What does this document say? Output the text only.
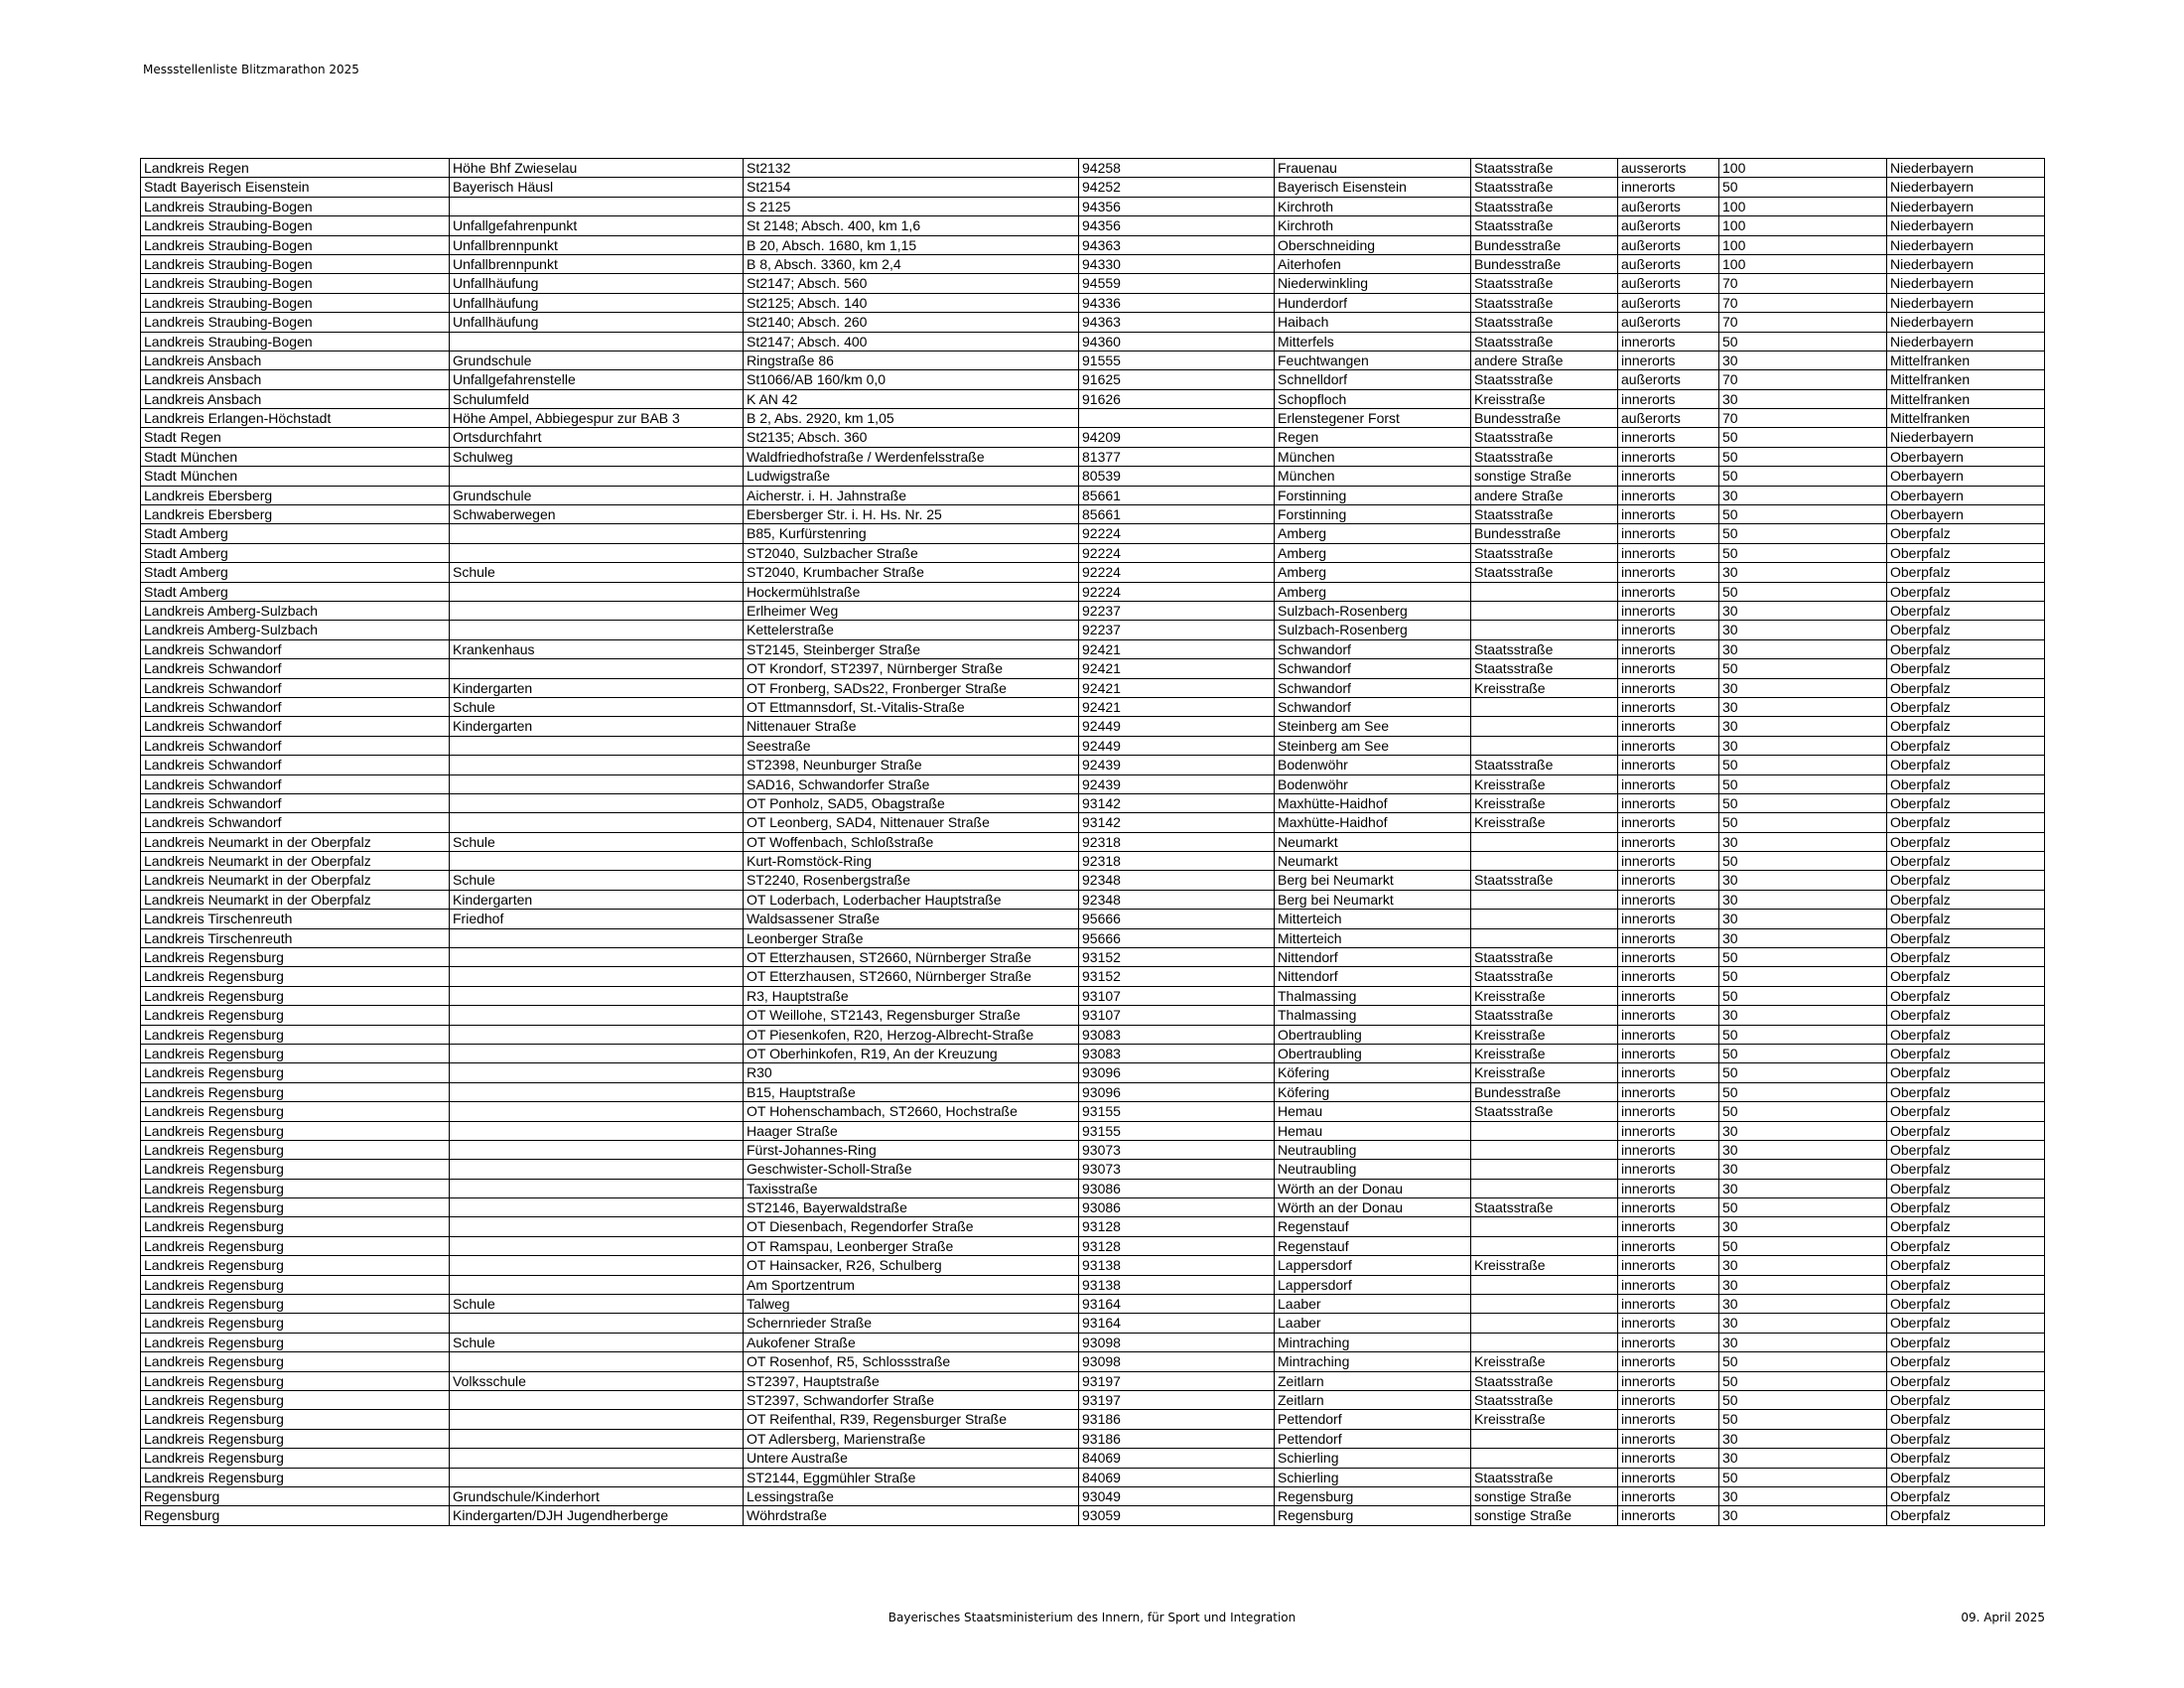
Messstellenliste Blitzmarathon 2025
Landkreis Regen	Höhe Bhf Zwieselau	St2132	94258	Frauenau	Staatsstraße	ausserorts	100	Niederbayern
Stadt Bayerisch Eisenstein	Bayerisch Häusl	St2154	94252	Bayerisch Eisenstein	Staatsstraße	innerorts	50	Niederbayern
Landkreis Straubing-Bogen		S 2125	94356	Kirchroth	Staatsstraße	außerorts	100	Niederbayern
Landkreis Straubing-Bogen	Unfallgefahrenpunkt	St 2148; Absch. 400, km 1,6	94356	Kirchroth	Staatsstraße	außerorts	100	Niederbayern
Landkreis Straubing-Bogen	Unfallbrennpunkt	B 20, Absch. 1680, km 1,15	94363	Oberschneiding	Bundesstraße	außerorts	100	Niederbayern
Landkreis Straubing-Bogen	Unfallbrennpunkt	B 8, Absch. 3360, km 2,4	94330	Aiterhofen	Bundesstraße	außerorts	100	Niederbayern
Landkreis Straubing-Bogen	Unfallhäufung	St2147; Absch. 560	94559	Niederwinkling	Staatsstraße	außerorts	70	Niederbayern
Landkreis Straubing-Bogen	Unfallhäufung	St2125; Absch. 140	94336	Hunderdorf	Staatsstraße	außerorts	70	Niederbayern
Landkreis Straubing-Bogen	Unfallhäufung	St2140; Absch. 260	94363	Haibach	Staatsstraße	außerorts	70	Niederbayern
Landkreis Straubing-Bogen		St2147; Absch. 400	94360	Mitterfels	Staatsstraße	innerorts	50	Niederbayern
Landkreis Ansbach	Grundschule	Ringstraße 86	91555	Feuchtwangen	andere Straße	innerorts	30	Mittelfranken
Landkreis Ansbach	Unfallgefahrenstelle	St1066/AB 160/km 0,0	91625	Schnelldorf	Staatsstraße	außerorts	70	Mittelfranken
Landkreis Ansbach	Schulumfeld	K AN 42	91626	Schopfloch	Kreisstraße	innerorts	30	Mittelfranken
Landkreis Erlangen-Höchstadt	Höhe Ampel, Abbiegespur zur BAB 3	B 2, Abs. 2920, km 1,05		Erlenstegener Forst	Bundesstraße	außerorts	70	Mittelfranken
Stadt Regen	Ortsdurchfahrt	St2135; Absch. 360	94209	Regen	Staatsstraße	innerorts	50	Niederbayern
Stadt München	Schulweg	Waldfriedhofstraße / Werdenfelsstraße	81377	München	Staatsstraße	innerorts	50	Oberbayern
Stadt München		Ludwigstraße	80539	München	sonstige Straße	innerorts	50	Oberbayern
Landkreis Ebersberg	Grundschule	Aicherstr. i. H. Jahnstraße	85661	Forstinning	andere Straße	innerorts	30	Oberbayern
Landkreis Ebersberg	Schwaberwegen	Ebersberger Str. i. H. Hs. Nr. 25	85661	Forstinning	Staatsstraße	innerorts	50	Oberbayern
Stadt Amberg		B85, Kurfürstenring	92224	Amberg	Bundesstraße	innerorts	50	Oberpfalz
Stadt Amberg		ST2040, Sulzbacher Straße	92224	Amberg	Staatsstraße	innerorts	50	Oberpfalz
Stadt Amberg	Schule	ST2040, Krumbacher Straße	92224	Amberg	Staatsstraße	innerorts	30	Oberpfalz
Stadt Amberg		Hockermühlstraße	92224	Amberg		innerorts	50	Oberpfalz
Landkreis Amberg-Sulzbach		Erlheimer Weg	92237	Sulzbach-Rosenberg		innerorts	30	Oberpfalz
Landkreis Amberg-Sulzbach		Kettelerstraße	92237	Sulzbach-Rosenberg		innerorts	30	Oberpfalz
Landkreis Schwandorf	Krankenhaus	ST2145, Steinberger Straße	92421	Schwandorf	Staatsstraße	innerorts	30	Oberpfalz
Landkreis Schwandorf		OT Krondorf, ST2397, Nürnberger Straße	92421	Schwandorf	Staatsstraße	innerorts	50	Oberpfalz
Landkreis Schwandorf	Kindergarten	OT Fronberg, SADs22, Fronberger Straße	92421	Schwandorf	Kreisstraße	innerorts	30	Oberpfalz
Landkreis Schwandorf	Schule	OT Ettmannsdorf, St.-Vitalis-Straße	92421	Schwandorf		innerorts	30	Oberpfalz
Landkreis Schwandorf	Kindergarten	Nittenauer Straße	92449	Steinberg am See		innerorts	30	Oberpfalz
Landkreis Schwandorf		Seestraße	92449	Steinberg am See		innerorts	30	Oberpfalz
Landkreis Schwandorf		ST2398, Neunburger Straße	92439	Bodenwöhr	Staatsstraße	innerorts	50	Oberpfalz
Landkreis Schwandorf		SAD16, Schwandorfer Straße	92439	Bodenwöhr	Kreisstraße	innerorts	50	Oberpfalz
Landkreis Schwandorf		OT Ponholz, SAD5, Obagstraße	93142	Maxhütte-Haidhof	Kreisstraße	innerorts	50	Oberpfalz
Landkreis Schwandorf		OT Leonberg, SAD4, Nittenauer Straße	93142	Maxhütte-Haidhof	Kreisstraße	innerorts	50	Oberpfalz
Landkreis Neumarkt in der Oberpfalz	Schule	OT Woffenbach, Schloßstraße	92318	Neumarkt		innerorts	30	Oberpfalz
Landkreis Neumarkt in der Oberpfalz		Kurt-Romstöck-Ring	92318	Neumarkt		innerorts	50	Oberpfalz
Landkreis Neumarkt in der Oberpfalz	Schule	ST2240, Rosenbergstraße	92348	Berg bei Neumarkt	Staatsstraße	innerorts	30	Oberpfalz
Landkreis Neumarkt in der Oberpfalz	Kindergarten	OT Loderbach, Loderbacher Hauptstraße	92348	Berg bei Neumarkt		innerorts	30	Oberpfalz
Landkreis Tirschenreuth	Friedhof	Waldsassener Straße	95666	Mitterteich		innerorts	30	Oberpfalz
Landkreis Tirschenreuth		Leonberger Straße	95666	Mitterteich		innerorts	30	Oberpfalz
Landkreis Regensburg		OT Etterzhausen, ST2660, Nürnberger Straße	93152	Nittendorf	Staatsstraße	innerorts	50	Oberpfalz
Landkreis Regensburg		OT Etterzhausen, ST2660, Nürnberger Straße	93152	Nittendorf	Staatsstraße	innerorts	50	Oberpfalz
Landkreis Regensburg		R3, Hauptstraße	93107	Thalmassing	Kreisstraße	innerorts	50	Oberpfalz
Landkreis Regensburg		OT Weillohe, ST2143, Regensburger Straße	93107	Thalmassing	Staatsstraße	innerorts	30	Oberpfalz
Landkreis Regensburg		OT Piesenkofen, R20, Herzog-Albrecht-Straße	93083	Obertraubling	Kreisstraße	innerorts	50	Oberpfalz
Landkreis Regensburg		OT Oberhinkofen, R19, An der Kreuzung	93083	Obertraubling	Kreisstraße	innerorts	50	Oberpfalz
Landkreis Regensburg		R30	93096	Köfering	Kreisstraße	innerorts	50	Oberpfalz
Landkreis Regensburg		B15, Hauptstraße	93096	Köfering	Bundesstraße	innerorts	50	Oberpfalz
Landkreis Regensburg		OT Hohenschambach, ST2660, Hochstraße	93155	Hemau	Staatsstraße	innerorts	50	Oberpfalz
Landkreis Regensburg		Haager Straße	93155	Hemau		innerorts	30	Oberpfalz
Landkreis Regensburg		Fürst-Johannes-Ring	93073	Neutraubling		innerorts	30	Oberpfalz
Landkreis Regensburg		Geschwister-Scholl-Straße	93073	Neutraubling		innerorts	30	Oberpfalz
Landkreis Regensburg		Taxisstraße	93086	Wörth an der Donau		innerorts	30	Oberpfalz
Landkreis Regensburg		ST2146, Bayerwaldstraße	93086	Wörth an der Donau	Staatsstraße	innerorts	50	Oberpfalz
Landkreis Regensburg		OT Diesenbach, Regendorfer Straße	93128	Regenstauf		innerorts	30	Oberpfalz
Landkreis Regensburg		OT Ramspau, Leonberger Straße	93128	Regenstauf		innerorts	50	Oberpfalz
Landkreis Regensburg		OT Hainsacker, R26, Schulberg	93138	Lappersdorf	Kreisstraße	innerorts	30	Oberpfalz
Landkreis Regensburg		Am Sportzentrum	93138	Lappersdorf		innerorts	30	Oberpfalz
Landkreis Regensburg	Schule	Talweg	93164	Laaber		innerorts	30	Oberpfalz
Landkreis Regensburg		Schernrieder Straße	93164	Laaber		innerorts	30	Oberpfalz
Landkreis Regensburg	Schule	Aukofener Straße	93098	Mintraching		innerorts	30	Oberpfalz
Landkreis Regensburg		OT Rosenhof, R5, Schlossstraße	93098	Mintraching	Kreisstraße	innerorts	50	Oberpfalz
Landkreis Regensburg	Volksschule	ST2397, Hauptstraße	93197	Zeitlarn	Staatsstraße	innerorts	50	Oberpfalz
Landkreis Regensburg		ST2397, Schwandorfer Straße	93197	Zeitlarn	Staatsstraße	innerorts	50	Oberpfalz
Landkreis Regensburg		OT Reifenthal, R39, Regensburger Straße	93186	Pettendorf	Kreisstraße	innerorts	50	Oberpfalz
Landkreis Regensburg		OT Adlersberg, Marienstraße	93186	Pettendorf		innerorts	30	Oberpfalz
Landkreis Regensburg		Untere Austraße	84069	Schierling		innerorts	30	Oberpfalz
Landkreis Regensburg		ST2144, Eggmühler Straße	84069	Schierling	Staatsstraße	innerorts	50	Oberpfalz
Regensburg	Grundschule/Kinderhort	Lessingstraße	93049	Regensburg	sonstige Straße	innerorts	30	Oberpfalz
Regensburg	Kindergarten/DJH Jugendherberge	Wöhrdstraße	93059	Regensburg	sonstige Straße	innerorts	30	Oberpfalz
Bayerisches Staatsministerium des Innern, für Sport und Integration	09. April 2025
